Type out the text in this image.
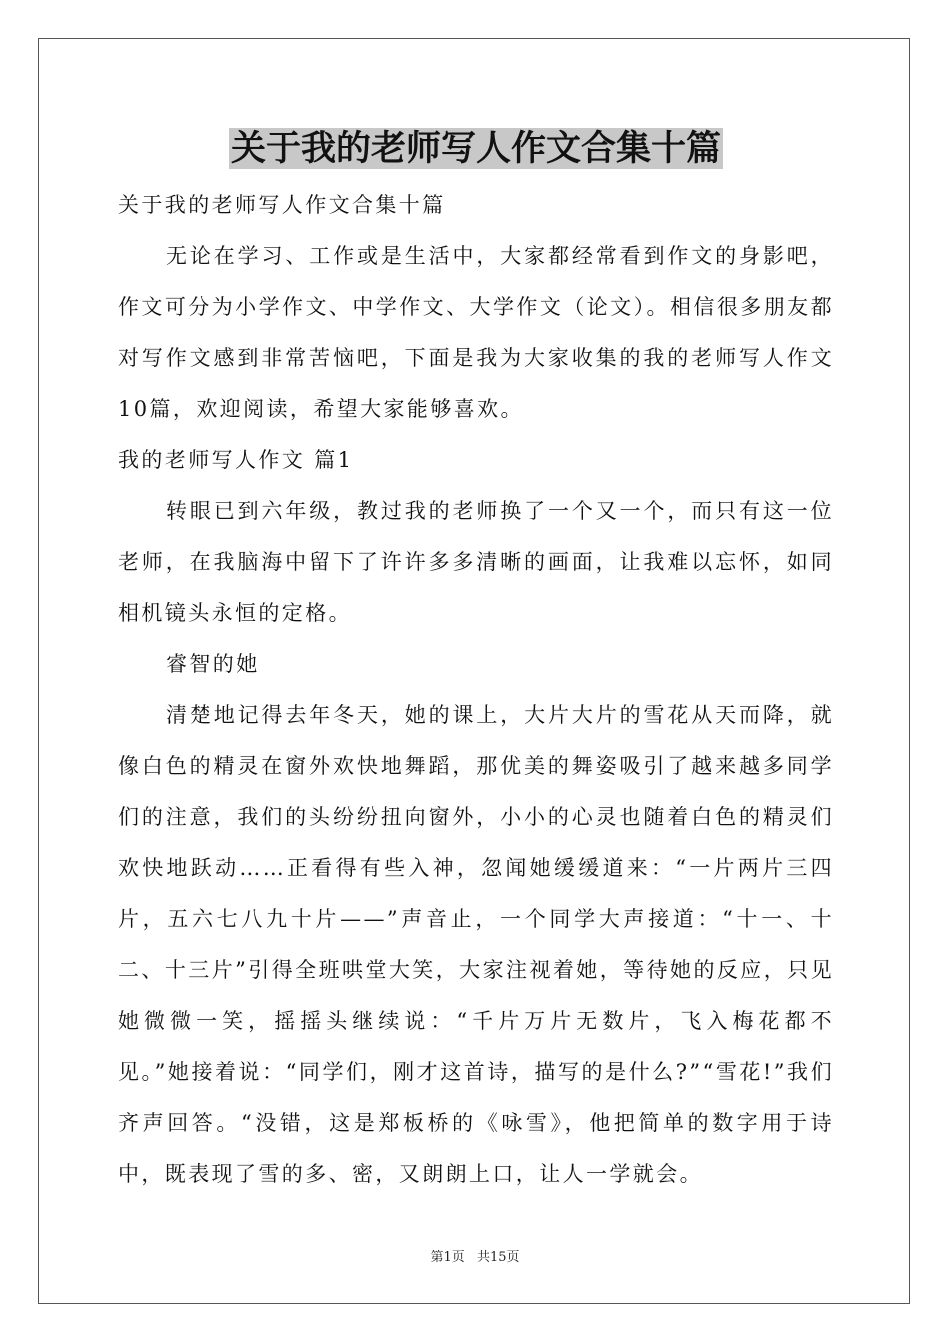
关于我的老师写人作文合集十篇

关于我的老师写人作文合集十篇

无论在学习、工作或是生活中，大家都经常看到作文的身影吧，作文可分为小学作文、中学作文、大学作文（论文）。相信很多朋友都对写作文感到非常苦恼吧，下面是我为大家收集的我的老师写人作文10篇，欢迎阅读，希望大家能够喜欢。

我的老师写人作文 篇1

转眼已到六年级，教过我的老师换了一个又一个，而只有这一位老师，在我脑海中留下了许许多多清晰的画面，让我难以忘怀，如同相机镜头永恒的定格。

睿智的她

清楚地记得去年冬天，她的课上，大片大片的雪花从天而降，就像白色的精灵在窗外欢快地舞蹈，那优美的舞姿吸引了越来越多同学们的注意，我们的头纷纷扭向窗外，小小的心灵也随着白色的精灵们欢快地跃动……正看得有些入神，忽闻她缓缓道来：“一片两片三四片，五六七八九十片——”声音止，一个同学大声接道：“十一、十二、十三片”引得全班哄堂大笑，大家注视着她，等待她的反应，只见她微微一笑，摇摇头继续说：“千片万片无数片，飞入梅花都不见。”她接着说：“同学们，刚才这首诗，描写的是什么?”“雪花!”我们齐声回答。“没错，这是郑板桥的《咏雪》，他把简单的数字用于诗中，既表现了雪的多、密，又朗朗上口，让人一学就会。

第1页 共15页
